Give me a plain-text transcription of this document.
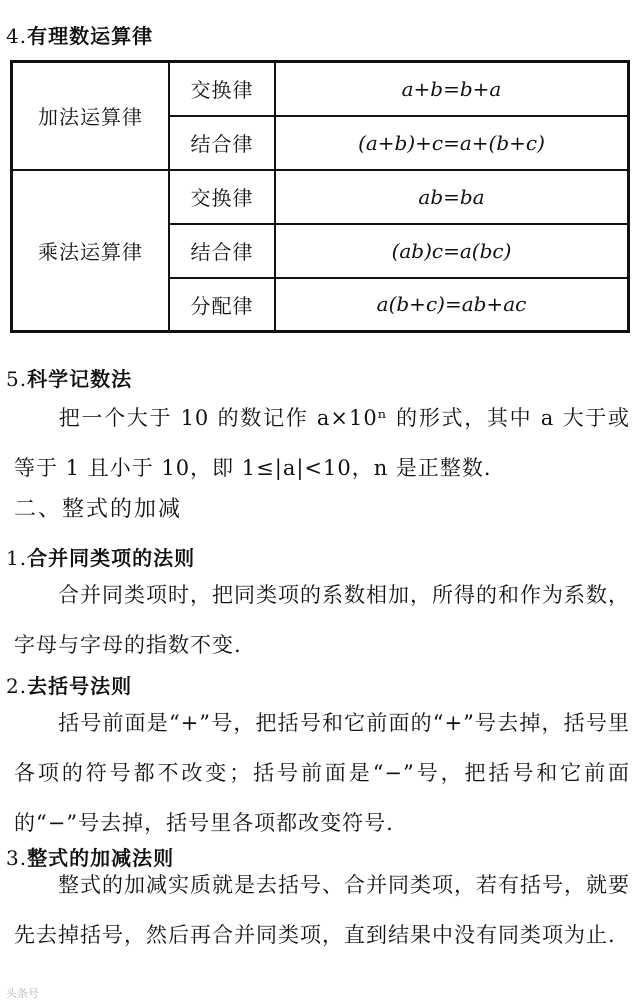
4.有理数运算律
加法运算律	交换律	a+b=b+a
	结合律	(a+b)+c=a+(b+c)
乘法运算律	交换律	ab=ba
	结合律	(ab)c=a(bc)
	分配律	a(b+c)=ab+ac
5.科学记数法
把一个大于 10 的数记作 a×10ⁿ 的形式，其中 a 大于或等于 1 且小于 10，即 1≤|a|<10，n 是正整数.
二、整式的加减
1.合并同类项的法则
合并同类项时，把同类项的系数相加，所得的和作为系数，字母与字母的指数不变.
2.去括号法则
括号前面是“+”号，把括号和它前面的“+”号去掉，括号里各项的符号都不改变；括号前面是“−”号，把括号和它前面的“−”号去掉，括号里各项都改变符号.
3.整式的加减法则
整式的加减实质就是去括号、合并同类项，若有括号，就要先去掉括号，然后再合并同类项，直到结果中没有同类项为止.
头条号
